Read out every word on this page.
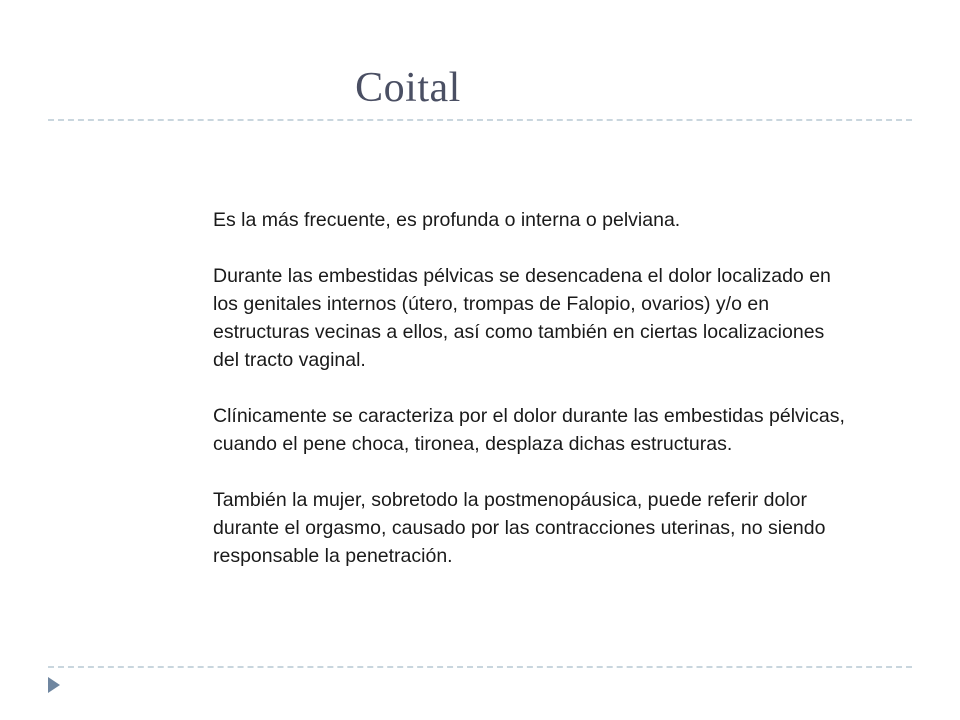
Coital

Es la más frecuente, es profunda o interna o pelviana.

Durante las embestidas pélvicas se desencadena el dolor localizado en los genitales internos (útero, trompas de Falopio, ovarios) y/o en estructuras vecinas a ellos, así como también en ciertas localizaciones del tracto vaginal.

Clínicamente se caracteriza por el dolor durante las embestidas pélvicas, cuando el pene choca, tironea, desplaza dichas estructuras.

También la mujer, sobretodo la postmenopáusica, puede referir dolor durante el orgasmo, causado por las contracciones uterinas, no siendo responsable la penetración.
